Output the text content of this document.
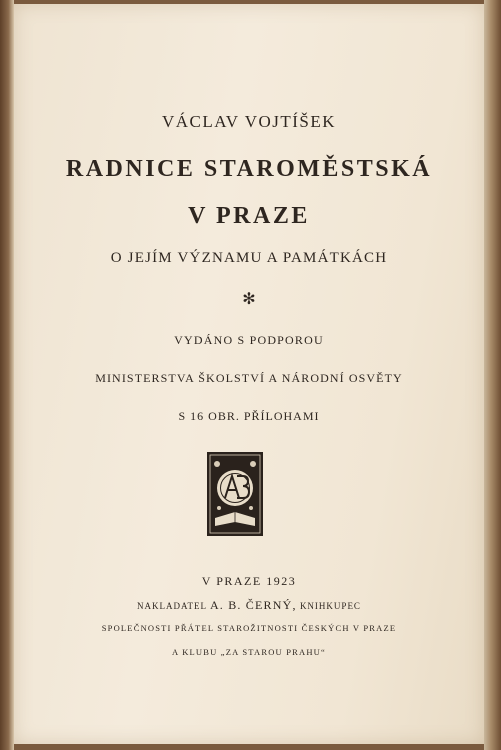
VÁCLAV VOJTÍŠEK
RADNICE STAROMĚSTSKÁ
V PRAZE
O JEJÍM VÝZNAMU A PAMÁTKÁCH
✻
VYDÁNO S PODPOROU
MINISTERSTVA ŠKOLSTVÍ A NÁRODNÍ OSVĚTY
S 16 OBR. PŘÍLOHAMI
V PRAZE 1923
NAKLADATEL A. B. ČERNÝ, KNIHKUPEC
SPOLEČNOSTI PŘÁTEL STAROŽITNOSTI ČESKÝCH V PRAZE
A KLUBU „ZA STAROU PRAHU“
